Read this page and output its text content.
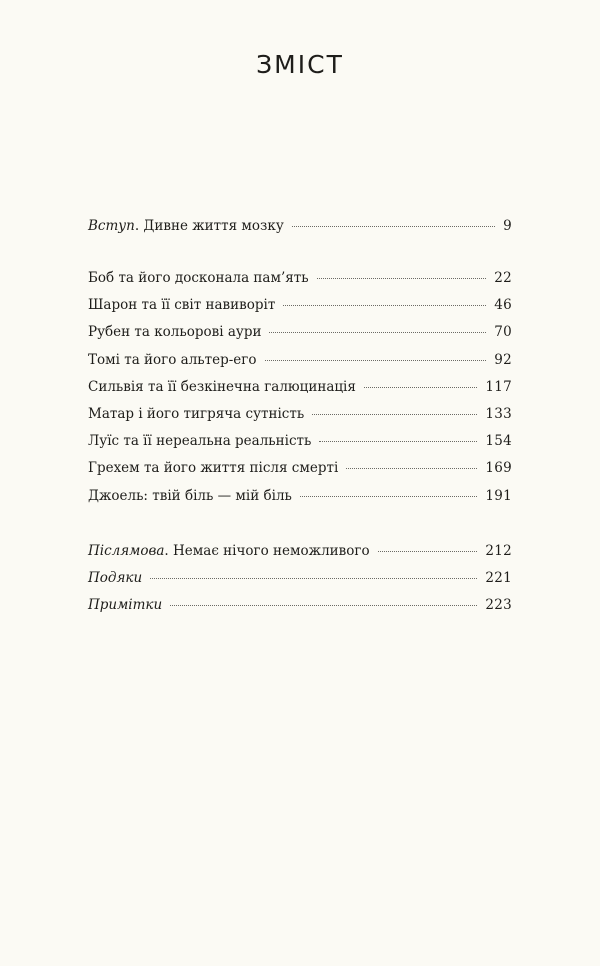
ЗМІСТ
Вступ. Дивне життя мозку	9
Боб та його досконала пам’ять	22
Шарон та її світ навиворіт	46
Рубен та кольорові аури	70
Томі та його альтер-его	92
Сильвія та її безкінечна галюцинація	117
Матар і його тигряча сутність	133
Луїс та її нереальна реальність	154
Грехем та його життя після смерті	169
Джоель: твій біль — мій біль	191
Післямова. Немає нічого неможливого	212
Подяки	221
Примітки	223
